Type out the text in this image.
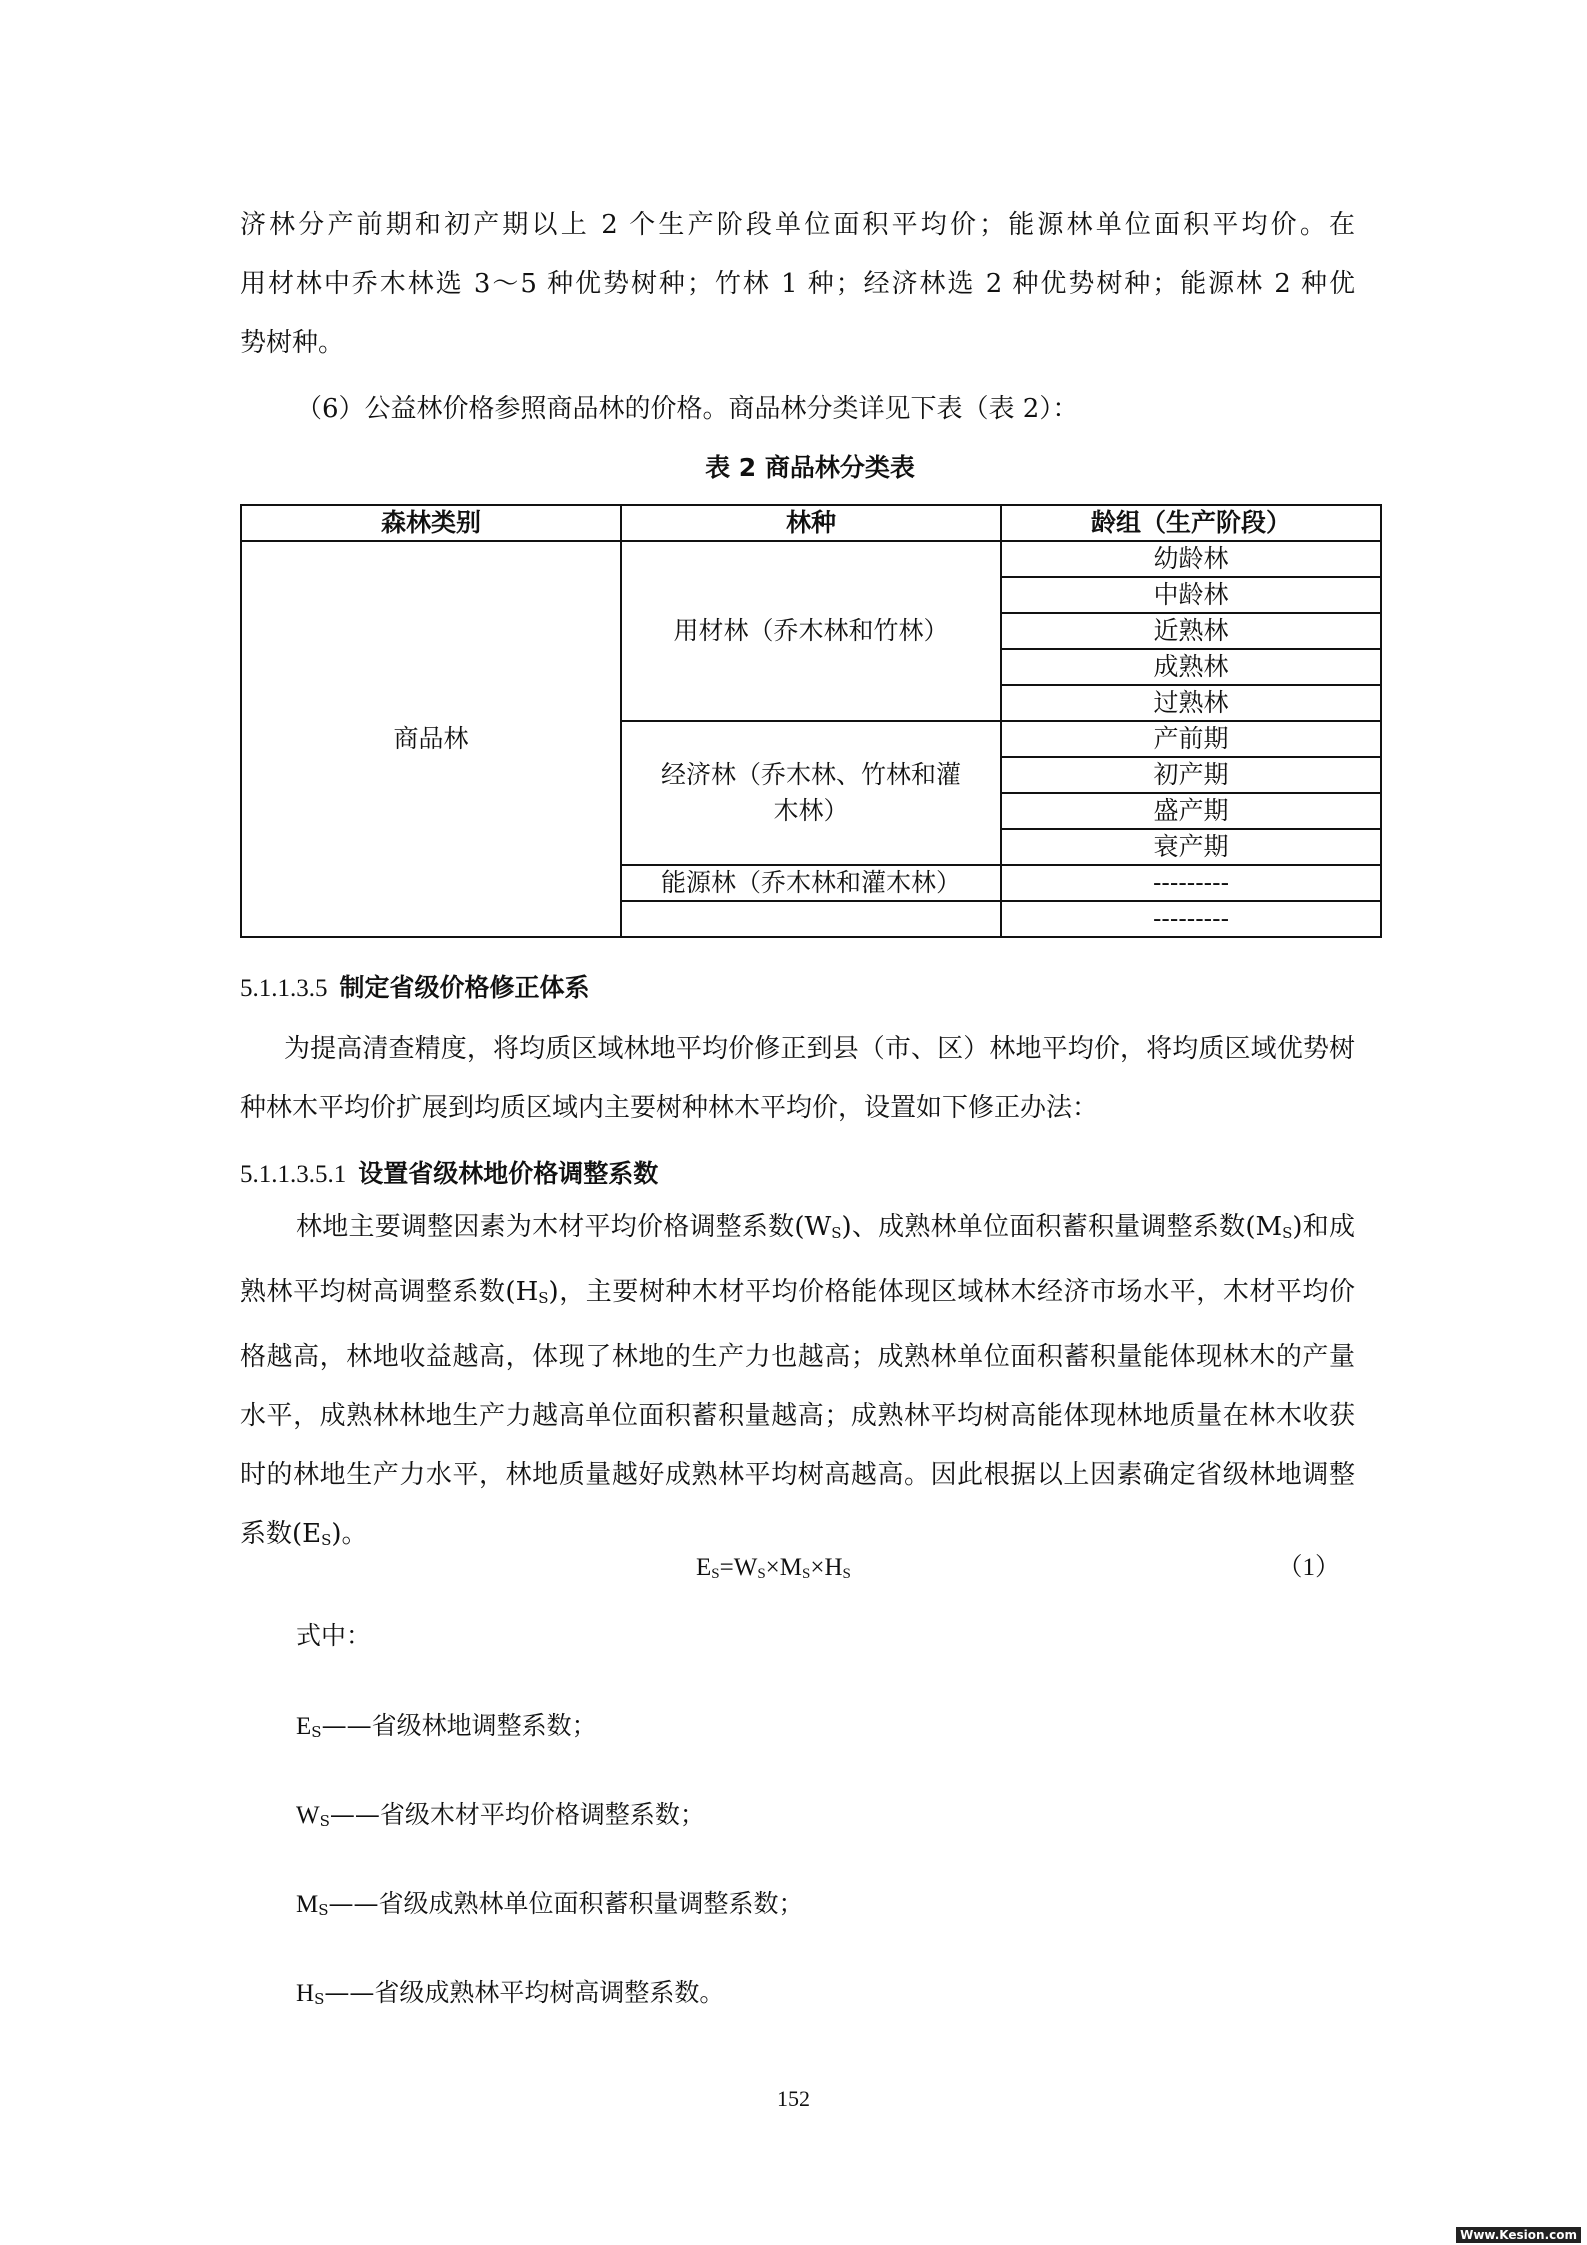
济林分产前期和初产期以上 2 个生产阶段单位面积平均价；能源林单位面积平均价。在
用材林中乔木林选 3～5 种优势树种；竹林 1 种；经济林选 2 种优势树种；能源林 2 种优
势树种。

（6）公益林价格参照商品林的价格。商品林分类详见下表（表 2）：

表 2 商品林分类表

森林类别	林种	龄组（生产阶段）
商品林	用材林（乔木林和竹林）	幼龄林
		中龄林
		近熟林
		成熟林
		过熟林
	经济林（乔木林、竹林和灌
木林）	产前期
		初产期
		盛产期
		衰产期
	能源林（乔木林和灌木林）	---------
		---------

5.1.1.3.5 制定省级价格修正体系

为提高清查精度，将均质区域林地平均价修正到县（市、区）林地平均价，将均质区域优势树种林木平均价扩展到均质区域内主要树种林木平均价，设置如下修正办法：

5.1.1.3.5.1 设置省级林地价格调整系数

林地主要调整因素为木材平均价格调整系数$(W_S)$、成熟林单位面积蓄积量调整系数$(M_S)$和成熟林平均树高调整系数$(H_S)$，主要树种木材平均价格能体现区域林木经济市场水平，木材平均价格越高，林地收益越高，体现了林地的生产力也越高；成熟林单位面积蓄积量能体现林木的产量水平，成熟林林地生产力越高单位面积蓄积量越高；成熟林平均树高能体现林地质量在林木收获时的林地生产力水平，林地质量越好成熟林平均树高越高。因此根据以上因素确定省级林地调整系数$(E_S)$。

$E_S=W_S\times M_S\times H_S$	（1）

式中：

$E_S——$省级林地调整系数；

$W_S——$省级木材平均价格调整系数；

$M_S——$省级成熟林单位面积蓄积量调整系数；

$H_S——$省级成熟林平均树高调整系数。

152
Www.Kesion.com
